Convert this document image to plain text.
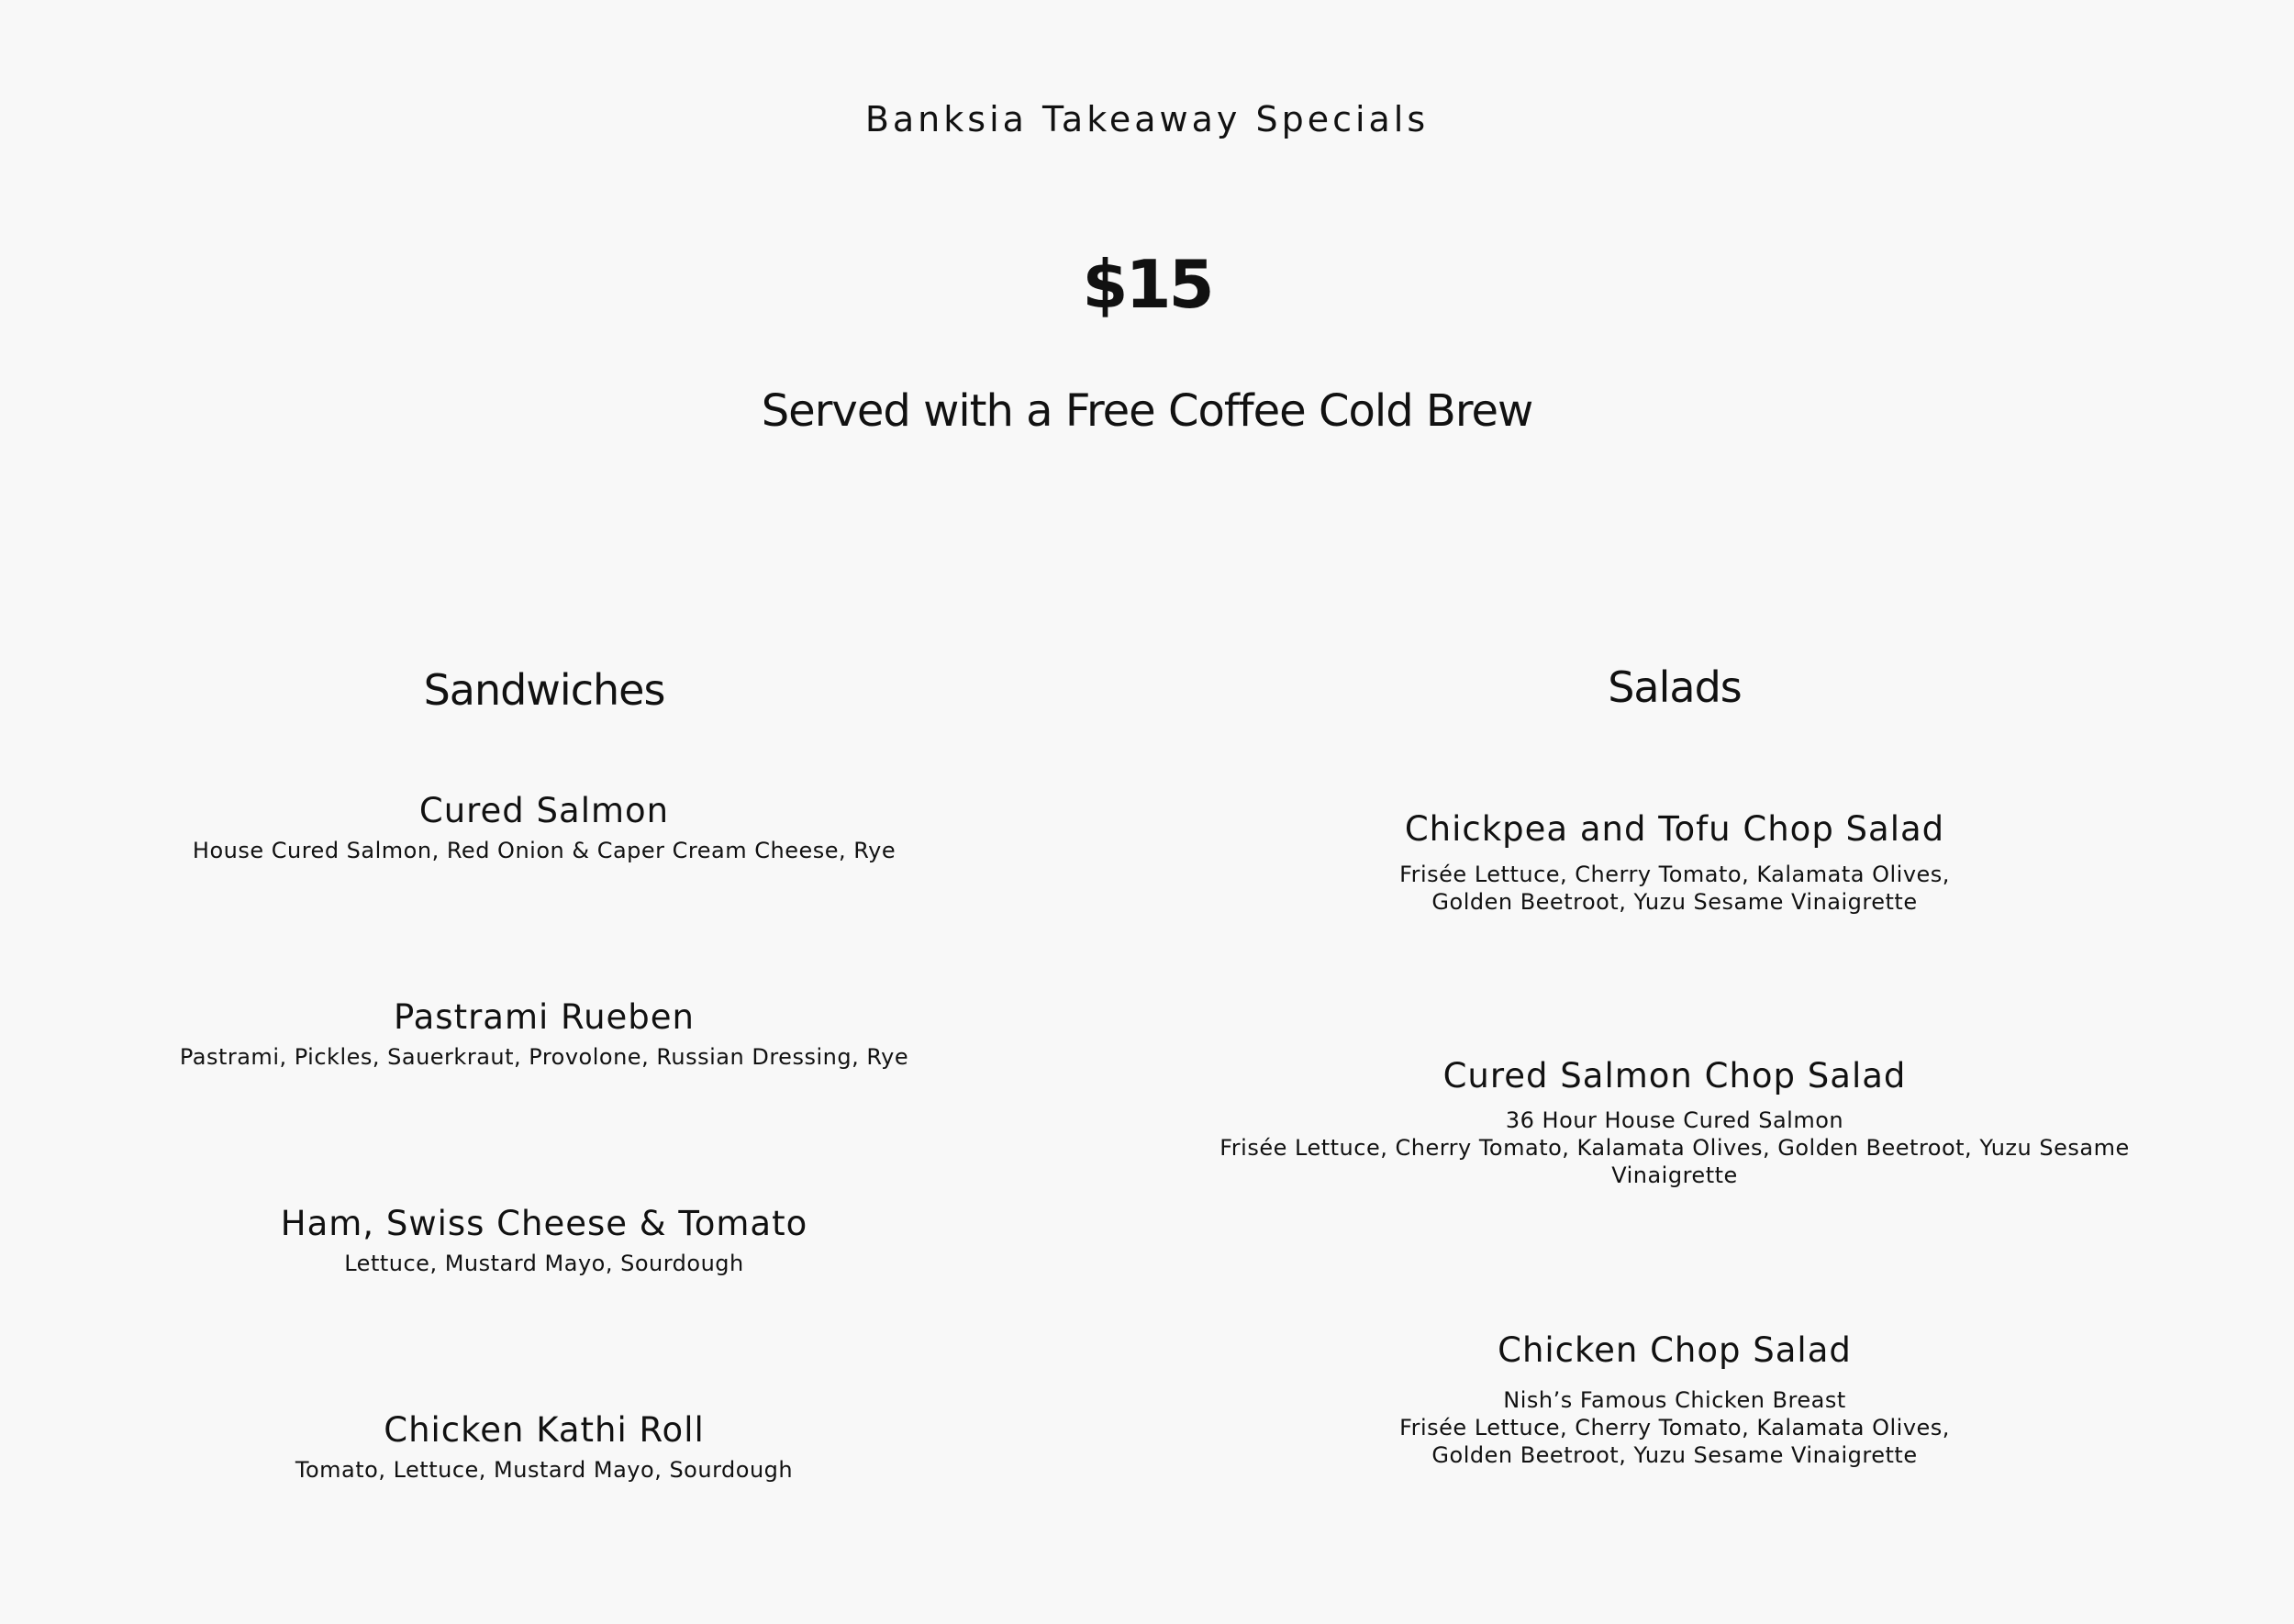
Banksia Takeaway Specials
$15
Served with a Free Coffee Cold Brew
Sandwiches
Cured Salmon
House Cured Salmon, Red Onion & Caper Cream Cheese, Rye
Pastrami Rueben
Pastrami, Pickles, Sauerkraut, Provolone, Russian Dressing, Rye
Ham, Swiss Cheese & Tomato
Lettuce, Mustard Mayo, Sourdough
Chicken Kathi Roll
Tomato, Lettuce, Mustard Mayo, Sourdough
Salads
Chickpea and Tofu Chop Salad
Frisée Lettuce, Cherry Tomato, Kalamata Olives,
Golden Beetroot, Yuzu Sesame Vinaigrette
Cured Salmon Chop Salad
36 Hour House Cured Salmon
Frisée Lettuce, Cherry Tomato, Kalamata Olives, Golden Beetroot, Yuzu Sesame
Vinaigrette
Chicken Chop Salad
Nish’s Famous Chicken Breast
Frisée Lettuce, Cherry Tomato, Kalamata Olives,
Golden Beetroot, Yuzu Sesame Vinaigrette
